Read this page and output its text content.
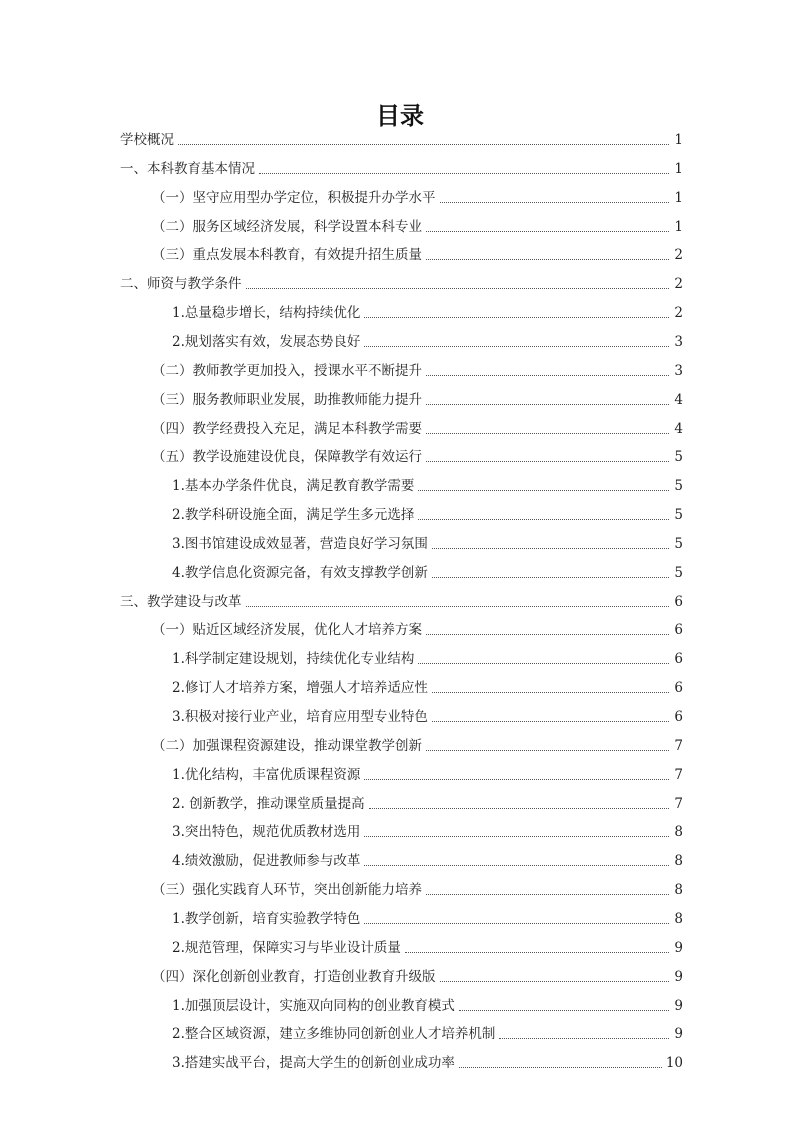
目录
学校概况	1
一、本科教育基本情况	1
（一）坚守应用型办学定位，积极提升办学水平	1
（二）服务区域经济发展，科学设置本科专业	1
（三）重点发展本科教育，有效提升招生质量	2
二、师资与教学条件	2
1.总量稳步增长，结构持续优化	2
2.规划落实有效，发展态势良好	3
（二）教师教学更加投入，授课水平不断提升	3
（三）服务教师职业发展，助推教师能力提升	4
（四）教学经费投入充足，满足本科教学需要	4
（五）教学设施建设优良，保障教学有效运行	5
1.基本办学条件优良，满足教育教学需要	5
2.教学科研设施全面，满足学生多元选择	5
3.图书馆建设成效显著，营造良好学习氛围	5
4.教学信息化资源完备，有效支撑教学创新	5
三、教学建设与改革	6
（一）贴近区域经济发展，优化人才培养方案	6
1.科学制定建设规划，持续优化专业结构	6
2.修订人才培养方案，增强人才培养适应性	6
3.积极对接行业产业，培育应用型专业特色	6
（二）加强课程资源建设，推动课堂教学创新	7
1.优化结构，丰富优质课程资源	7
2. 创新教学，推动课堂质量提高	7
3.突出特色，规范优质教材选用	8
4.绩效激励，促进教师参与改革	8
（三）强化实践育人环节，突出创新能力培养	8
1.教学创新，培育实验教学特色	8
2.规范管理，保障实习与毕业设计质量	9
（四）深化创新创业教育，打造创业教育升级版	9
1.加强顶层设计，实施双向同构的创业教育模式	9
2.整合区域资源，建立多维协同创新创业人才培养机制	9
3.搭建实战平台，提高大学生的创新创业成功率	10
